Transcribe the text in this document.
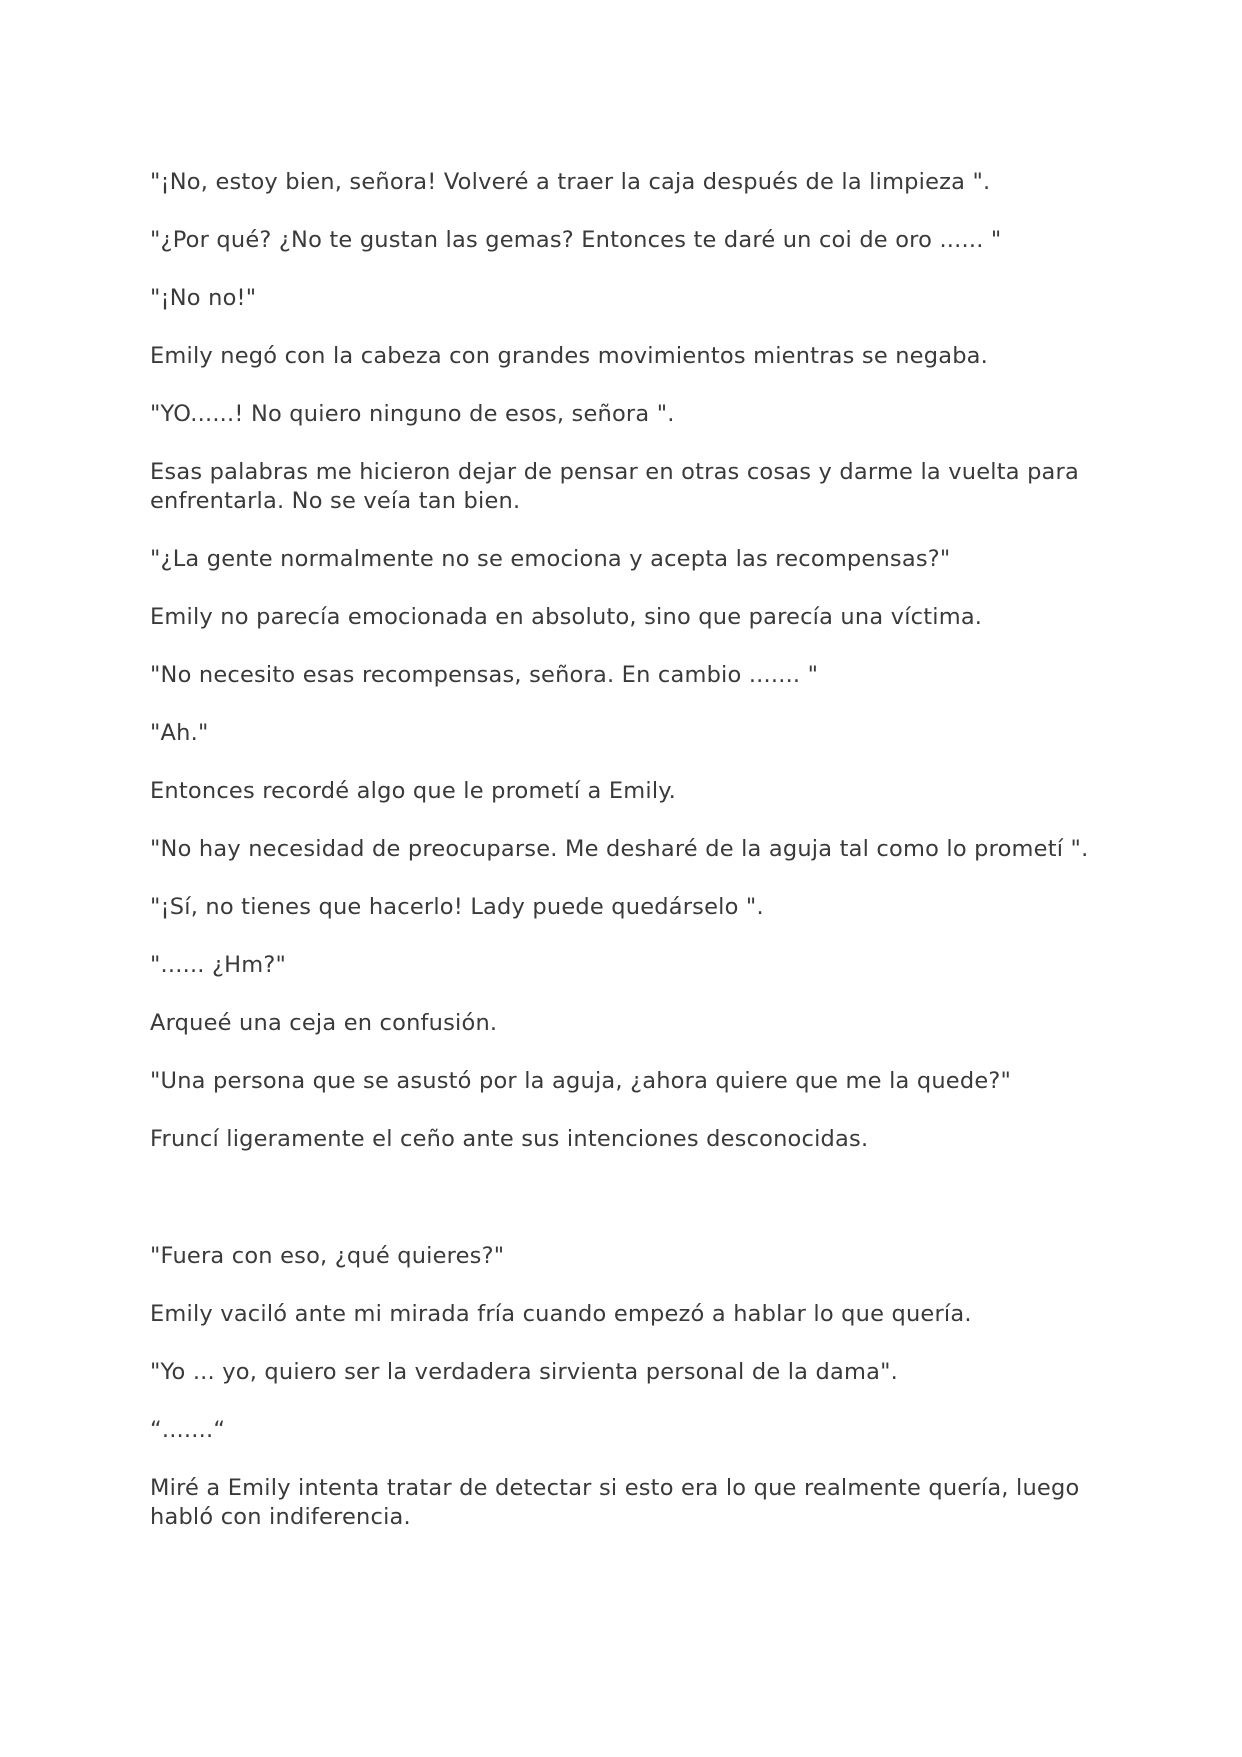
"¡No, estoy bien, señora! Volveré a traer la caja después de la limpieza ".

"¿Por qué? ¿No te gustan las gemas? Entonces te daré un coi de oro ...... "

"¡No no!"

Emily negó con la cabeza con grandes movimientos mientras se negaba.

"YO......! No quiero ninguno de esos, señora ".

Esas palabras me hicieron dejar de pensar en otras cosas y darme la vuelta para enfrentarla. No se veía tan bien.

"¿La gente normalmente no se emociona y acepta las recompensas?"

Emily no parecía emocionada en absoluto, sino que parecía una víctima.

"No necesito esas recompensas, señora. En cambio ....... "

"Ah."

Entonces recordé algo que le prometí a Emily.

"No hay necesidad de preocuparse. Me desharé de la aguja tal como lo prometí ".

"¡Sí, no tienes que hacerlo! Lady puede quedárselo ".

"...... ¿Hm?"

Arqueé una ceja en confusión.

"Una persona que se asustó por la aguja, ¿ahora quiere que me la quede?"

Fruncí ligeramente el ceño ante sus intenciones desconocidas.

"Fuera con eso, ¿qué quieres?"

Emily vaciló ante mi mirada fría cuando empezó a hablar lo que quería.

"Yo ... yo, quiero ser la verdadera sirvienta personal de la dama".

“.......“

Miré a Emily intenta tratar de detectar si esto era lo que realmente quería, luego habló con indiferencia.
